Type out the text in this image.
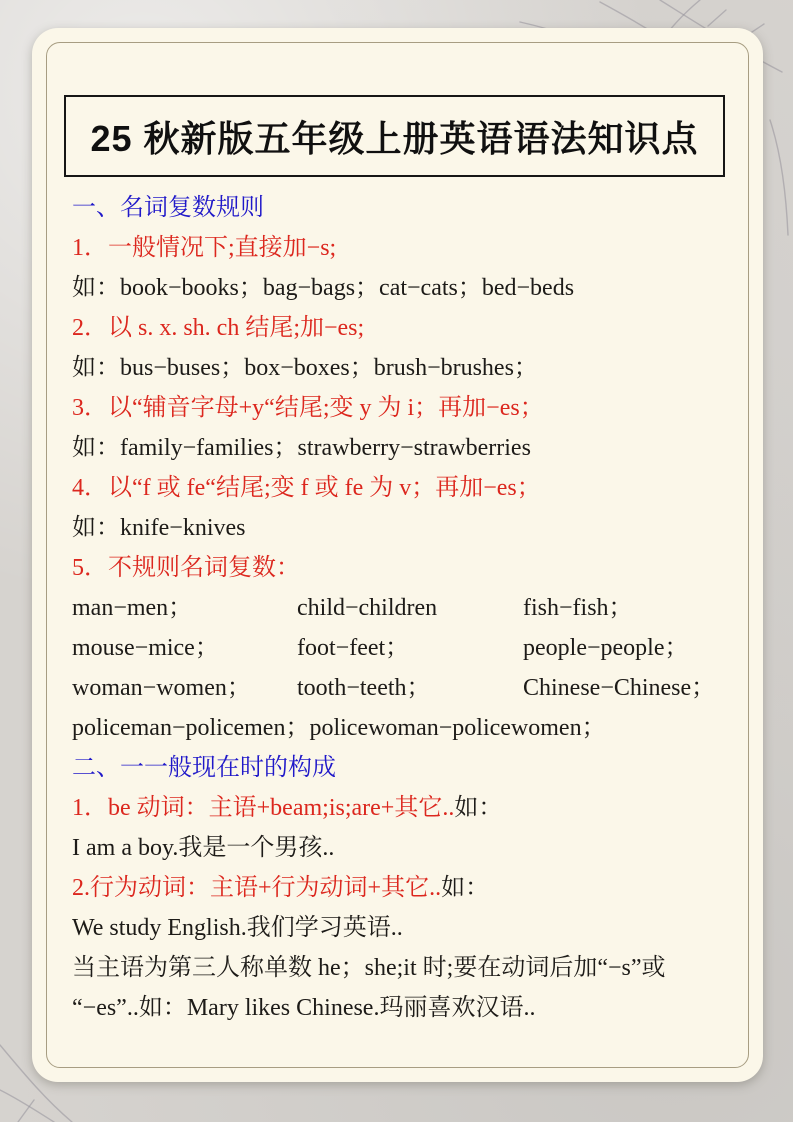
25 秋新版五年级上册英语语法知识点
一、名词复数规则
1．一般情况下;直接加−s;
如：book−books；bag−bags；cat−cats；bed−beds
2．以 s. x. sh. ch 结尾;加−es;
如：bus−buses；box−boxes；brush−brushes；
3．以“辅音字母+y“结尾;变 y 为 i；再加−es；
如：family−families；strawberry−strawberries
4．以“f 或 fe“结尾;变 f 或 fe 为 v；再加−es；
如：knife−knives
5．不规则名词复数：
man−men；	child−children	fish−fish；
mouse−mice；	foot−feet；	people−people；
woman−women；	tooth−teeth；	Chinese−Chinese；
policeman−policemen；policewoman−policewomen；
二、一一般现在时的构成
1．be 动词：主语+beam;is;are+其它..如：
I am a boy.我是一个男孩..
2.行为动词：主语+行为动词+其它..如：
We study English.我们学习英语..
当主语为第三人称单数 he；she;it 时;要在动词后加“−s”或
“−es”..如：Mary likes Chinese.玛丽喜欢汉语..
